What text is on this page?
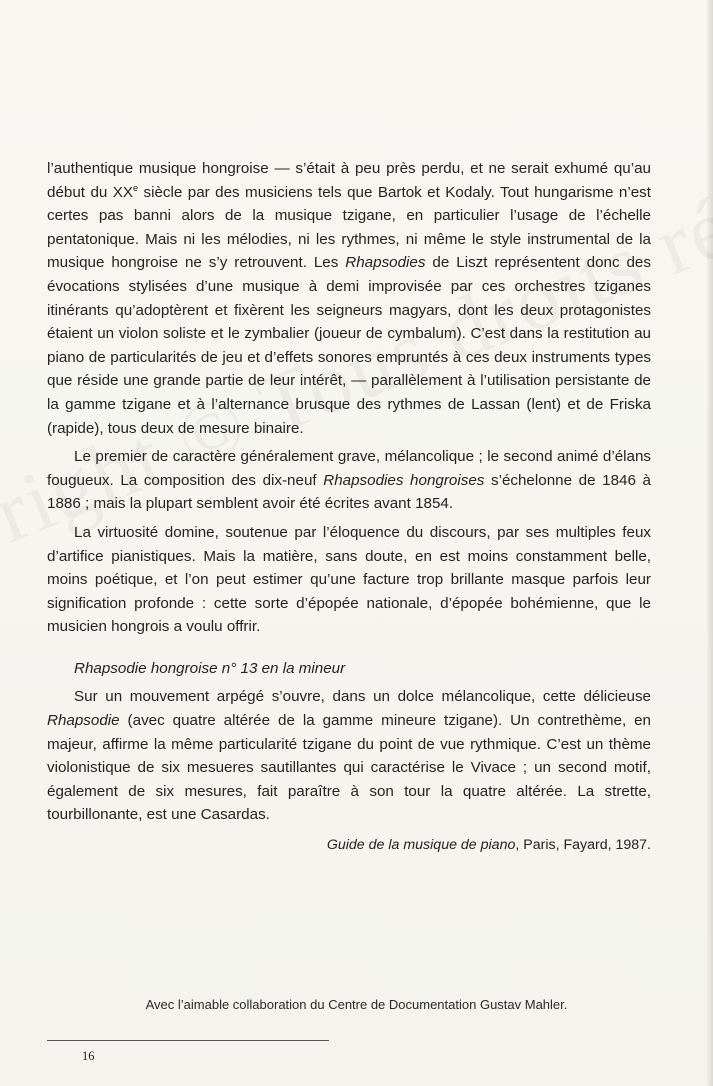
l’authentique musique hongroise — s’était à peu près perdu, et ne serait exhumé qu’au début du XXe siècle par des musiciens tels que Bartok et Kodaly. Tout hungarisme n’est certes pas banni alors de la musique tzigane, en particulier l’usage de l’échelle pentatonique. Mais ni les mélodies, ni les rythmes, ni même le style instrumental de la musique hongroise ne s’y retrouvent. Les Rhapsodies de Liszt représentent donc des évocations stylisées d’une musique à demi improvisée par ces orchestres tziganes itinérants qu’adoptèrent et fixèrent les seigneurs magyars, dont les deux protagonistes étaient un violon soliste et le zymbalier (joueur de cymbalum). C’est dans la restitution au piano de particularités de jeu et d’effets sonores empruntés à ces deux instruments types que réside une grande partie de leur intérêt, — parallèlement à l’utilisation persistante de la gamme tzigane et à l’alternance brusque des rythmes de Lassan (lent) et de Friska (rapide), tous deux de mesure binaire.

Le premier de caractère généralement grave, mélancolique ; le second animé d’élans fougueux. La composition des dix-neuf Rhapsodies hongroises s’échelonne de 1846 à 1886 ; mais la plupart semblent avoir été écrites avant 1854.

La virtuosité domine, soutenue par l’éloquence du discours, par ses multiples feux d’artifice pianistiques. Mais la matière, sans doute, en est moins constamment belle, moins poétique, et l’on peut estimer qu’une facture trop brillante masque parfois leur signification profonde : cette sorte d’épopée nationale, d’épopée bohémienne, que le musicien hongrois a voulu offrir.

Rhapsodie hongroise n° 13 en la mineur

Sur un mouvement arpégé s’ouvre, dans un dolce mélancolique, cette délicieuse Rhapsodie (avec quatre altérée de la gamme mineure tzigane). Un contrethème, en majeur, affirme la même particularité tzigane du point de vue rythmique. C’est un thème violonistique de six mesueres sautillantes qui caractérise le Vivace ; un second motif, également de six mesures, fait paraître à son tour la quatre altérée. La strette, tourbillonante, est une Casardas.

Guide de la musique de piano, Paris, Fayard, 1987.
Avec l’aimable collaboration du Centre de Documentation Gustav Mahler.
16
